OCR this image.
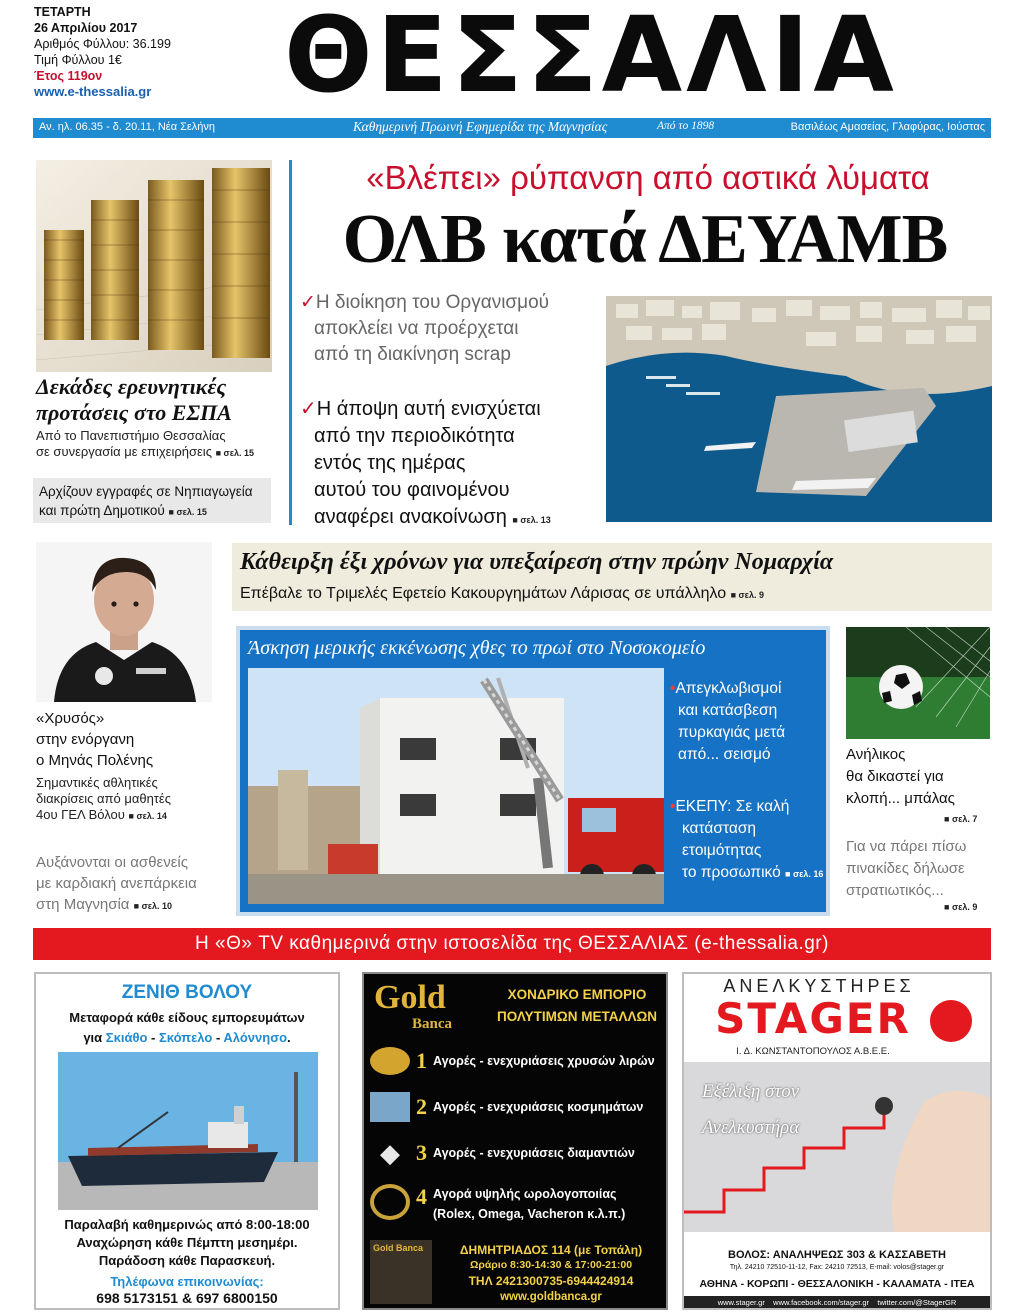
ΤΕΤΑΡΤΗ
26 Απριλίου 2017
Αριθμός Φύλλου: 36.199
Τιμή Φύλλου 1€
Έτος 119ον
www.e-thessalia.gr	ΘΕΣΣΑΛΙΑ
Αν. ηλ. 06.35 - δ. 20.11, Νέα Σελήνη	Καθημερινή Πρωινή Εφημερίδα της Μαγνησίας	Από το 1898	Βασιλέως Αμασείας, Γλαφύρας, Ιούστας
Δεκάδες ερευνητικές
προτάσεις στο ΕΣΠΑ
Από το Πανεπιστήμιο Θεσσαλίας
σε συνεργασία με επιχειρήσεις ■ σελ. 15
Αρχίζουν εγγραφές σε Νηπιαγωγεία
και πρώτη Δημοτικού ■ σελ. 15
«Χρυσός»
στην ενόργανη
ο Μηνάς Πολένης
Σημαντικές αθλητικές
διακρίσεις από μαθητές
4ου ΓΕΛ Βόλου ■ σελ. 14
Αυξάνονται οι ασθενείς
με καρδιακή ανεπάρκεια
στη Μαγνησία ■ σελ. 10
«Βλέπει» ρύπανση από αστικά λύματα
ΟΛΒ κατά ΔΕΥΑΜΒ
✓Η διοίκηση του Οργανισμού
αποκλείει να προέρχεται
από τη διακίνηση scrap
✓Η άποψη αυτή ενισχύεται
από την περιοδικότητα
εντός της ημέρας
αυτού του φαινομένου
αναφέρει ανακοίνωση ■ σελ. 13
Κάθειρξη έξι χρόνων για υπεξαίρεση στην πρώην Νομαρχία
Επέβαλε το Τριμελές Εφετείο Κακουργημάτων Λάρισας σε υπάλληλο ■ σελ. 9
Άσκηση μερικής εκκένωσης χθες το πρωί στο Νοσοκομείο
•Απεγκλωβισμοί
και κατάσβεση
πυρκαγιάς μετά
από... σεισμό
•ΕΚΕΠΥ: Σε καλή
κατάσταση
ετοιμότητας
το προσωπικό ■ σελ. 16
Ανήλικος
θα δικαστεί για
κλοπή... μπάλας
■ σελ. 7
Για να πάρει πίσω
πινακίδες δήλωσε
στρατιωτικός...
■ σελ. 9
Η «Θ» TV καθημερινά στην ιστοσελίδα της ΘΕΣΣΑΛΙΑΣ (e-thessalia.gr)
ΖΕΝΙΘ ΒΟΛΟΥ
Μεταφορά κάθε είδους εμπορευμάτων
για Σκιάθο - Σκόπελο - Αλόννησο.
Παραλαβή καθημερινώς από 8:00-18:00
Αναχώρηση κάθε Πέμπτη μεσημέρι.
Παράδοση κάθε Παρασκευή.
Τηλέφωνα επικοινωνίας:
698 5173151 & 697 6800150
Gold
Banca
ΧΟΝΔΡΙΚΟ ΕΜΠΟΡΙΟ
ΠΟΛΥΤΙΜΩΝ ΜΕΤΑΛΛΩΝ
1 Αγορές - ενεχυριάσεις χρυσών λιρών
2 Αγορές - ενεχυριάσεις κοσμημάτων
◆ 3 Αγορές - ενεχυριάσεις διαμαντιών
4 Αγορά υψηλής ωρολογοποιίας
(Rolex, Omega, Vacheron κ.λ.π.)
Gold Banca	ΔΗΜΗΤΡΙΑΔΟΣ 114 (με Τοπάλη)
Ωράριο 8:30-14:30 & 17:00-21:00
ΤΗΛ 2421300735-6944424914
www.goldbanca.gr
ΑΝΕΛΚΥΣΤΗΡΕΣ
STAGER
Ι. Δ. ΚΩΝΣΤΑΝΤΟΠΟΥΛΟΣ Α.Β.Ε.Ε.
Εξέλιξη στον
Ανελκυστήρα
ΒΟΛΟΣ: ΑΝΑΛΗΨΕΩΣ 303 & ΚΑΣΣΑΒΕΤΗ
Τηλ. 24210 72510-11-12, Fax: 24210 72513, E-mail: volos@stager.gr
ΑΘΗΝΑ - ΚΟΡΩΠΙ - ΘΕΣΣΑΛΟΝΙΚΗ - ΚΑΛΑΜΑΤΑ - ΙΤΕΑ
www.stager.gr    www.facebook.com/stager.gr    twitter.com/@StagerGR
